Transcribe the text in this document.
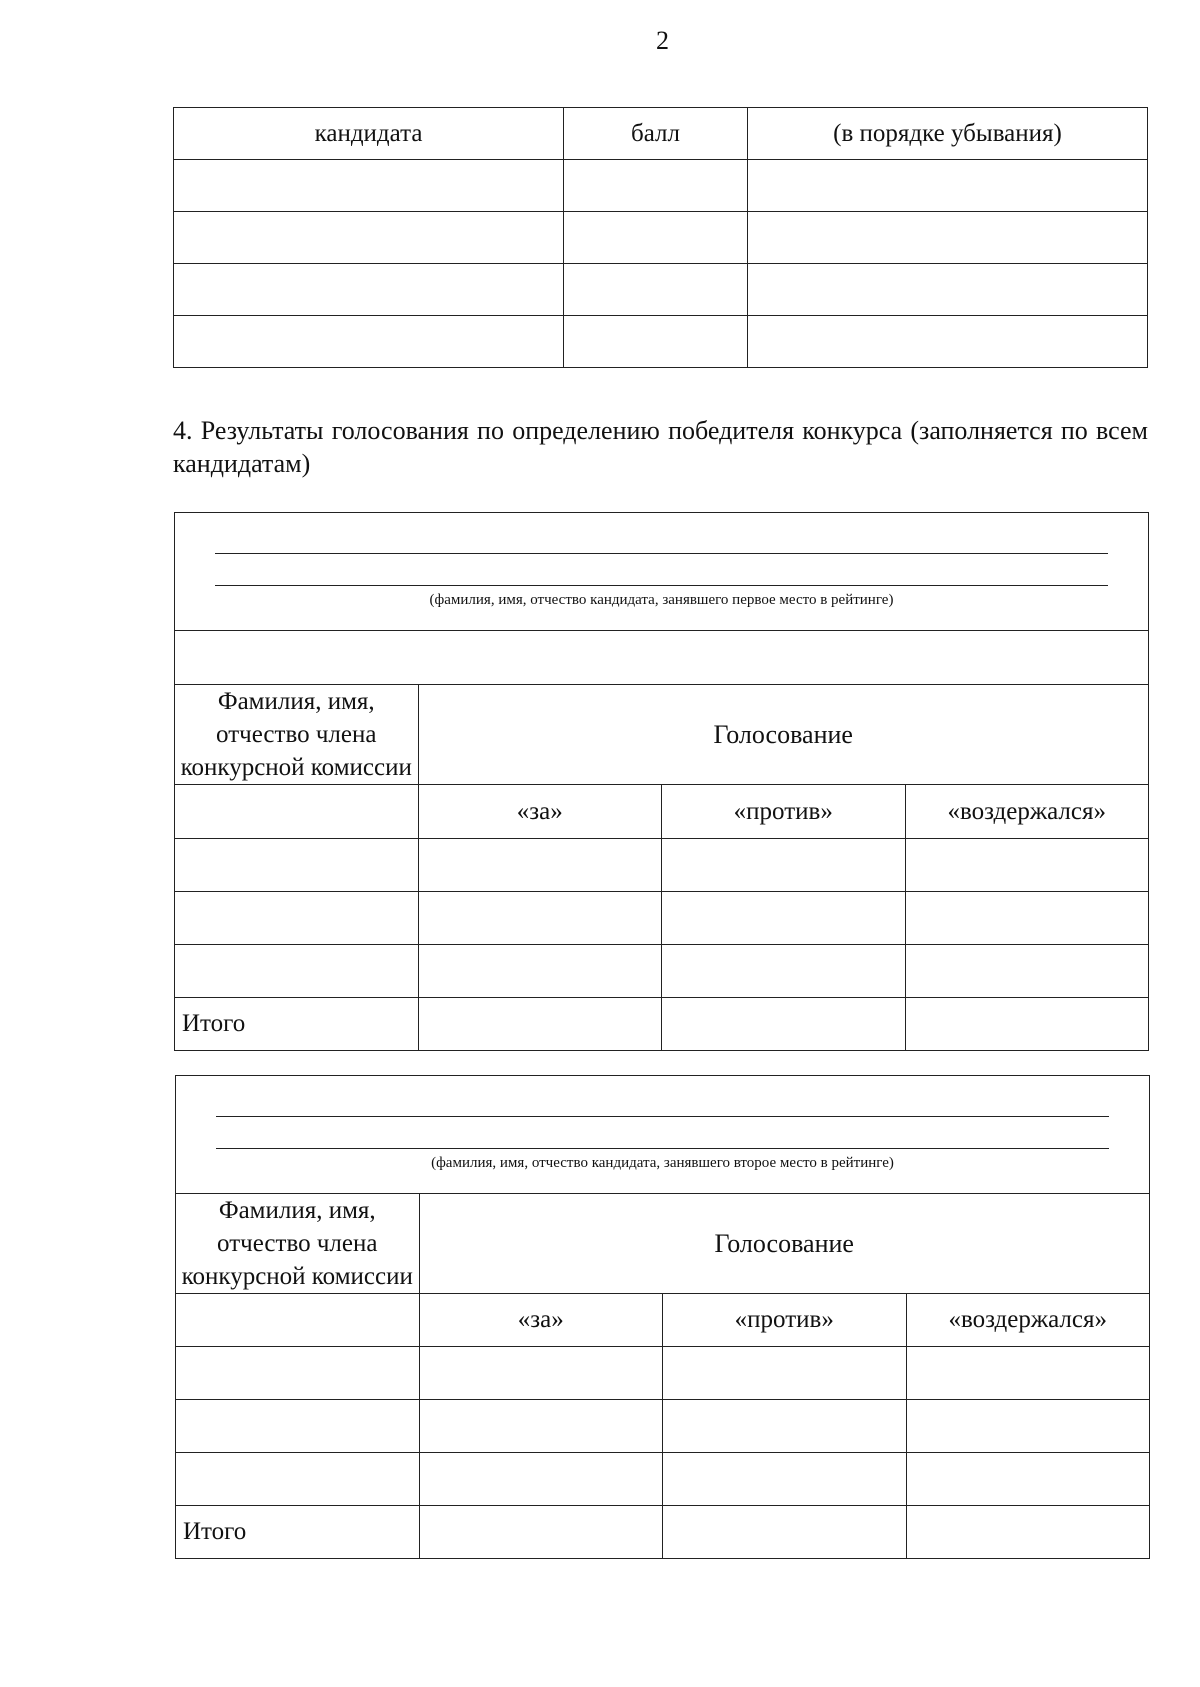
2
кандидата	балл	(в порядке убывания)

4. Результаты голосования по определению победителя конкурса (заполняется по всем кандидатам)
(фамилия, имя, отчество кандидата, занявшего первое место в рейтинге)			

Фамилия, имя, отчество члена конкурсной комиссии	Голосование		
	«за»	«против»	«воздержался»

Итого			
(фамилия, имя, отчество кандидата, занявшего второе место в рейтинге)			

Фамилия, имя, отчество члена конкурсной комиссии	Голосование		
	«за»	«против»	«воздержался»

Итого			
